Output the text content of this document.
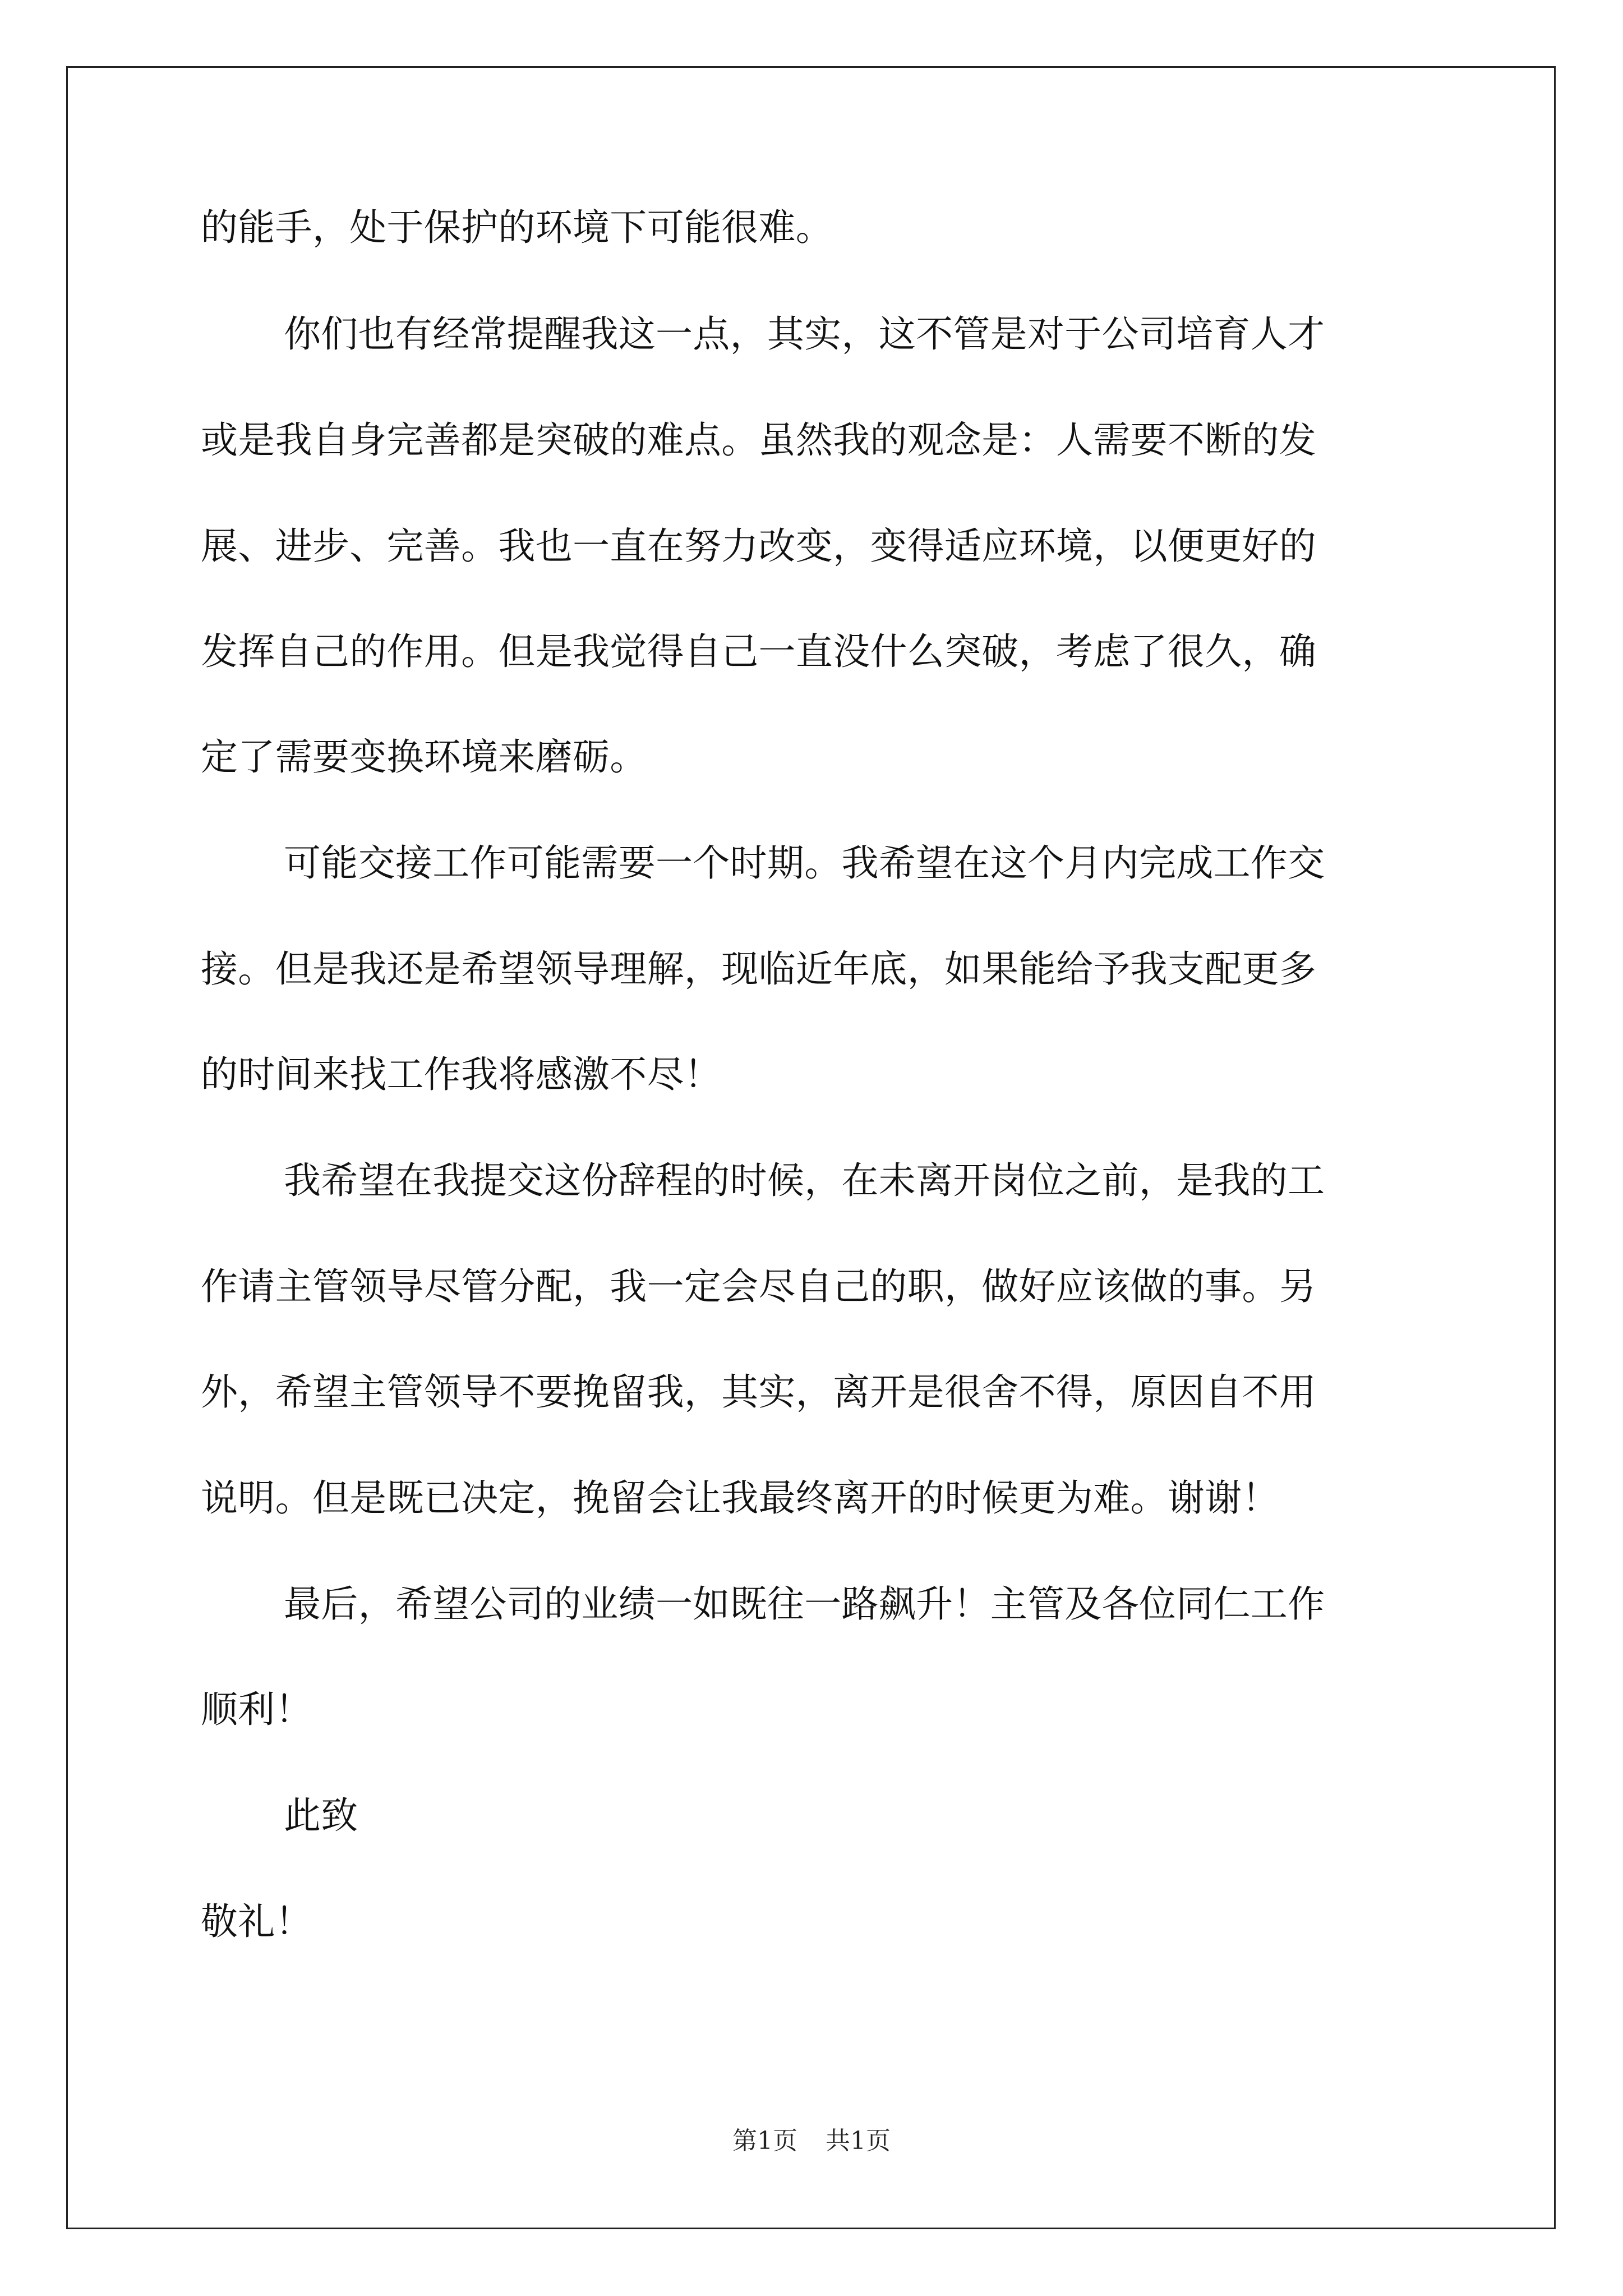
的能手，处于保护的环境下可能很难。
你们也有经常提醒我这一点，其实，这不管是对于公司培育人才
或是我自身完善都是突破的难点。虽然我的观念是：人需要不断的发
展、进步、完善。我也一直在努力改变，变得适应环境，以便更好的
发挥自己的作用。但是我觉得自己一直没什么突破，考虑了很久，确
定了需要变换环境来磨砺。
可能交接工作可能需要一个时期。我希望在这个月内完成工作交
接。但是我还是希望领导理解，现临近年底，如果能给予我支配更多
的时间来找工作我将感激不尽！
我希望在我提交这份辞程的时候，在未离开岗位之前，是我的工
作请主管领导尽管分配，我一定会尽自己的职，做好应该做的事。另
外，希望主管领导不要挽留我，其实，离开是很舍不得，原因自不用
说明。但是既已决定，挽留会让我最终离开的时候更为难。谢谢！
最后，希望公司的业绩一如既往一路飙升！主管及各位同仁工作
顺利！
此致
敬礼！
第1页 共1页
